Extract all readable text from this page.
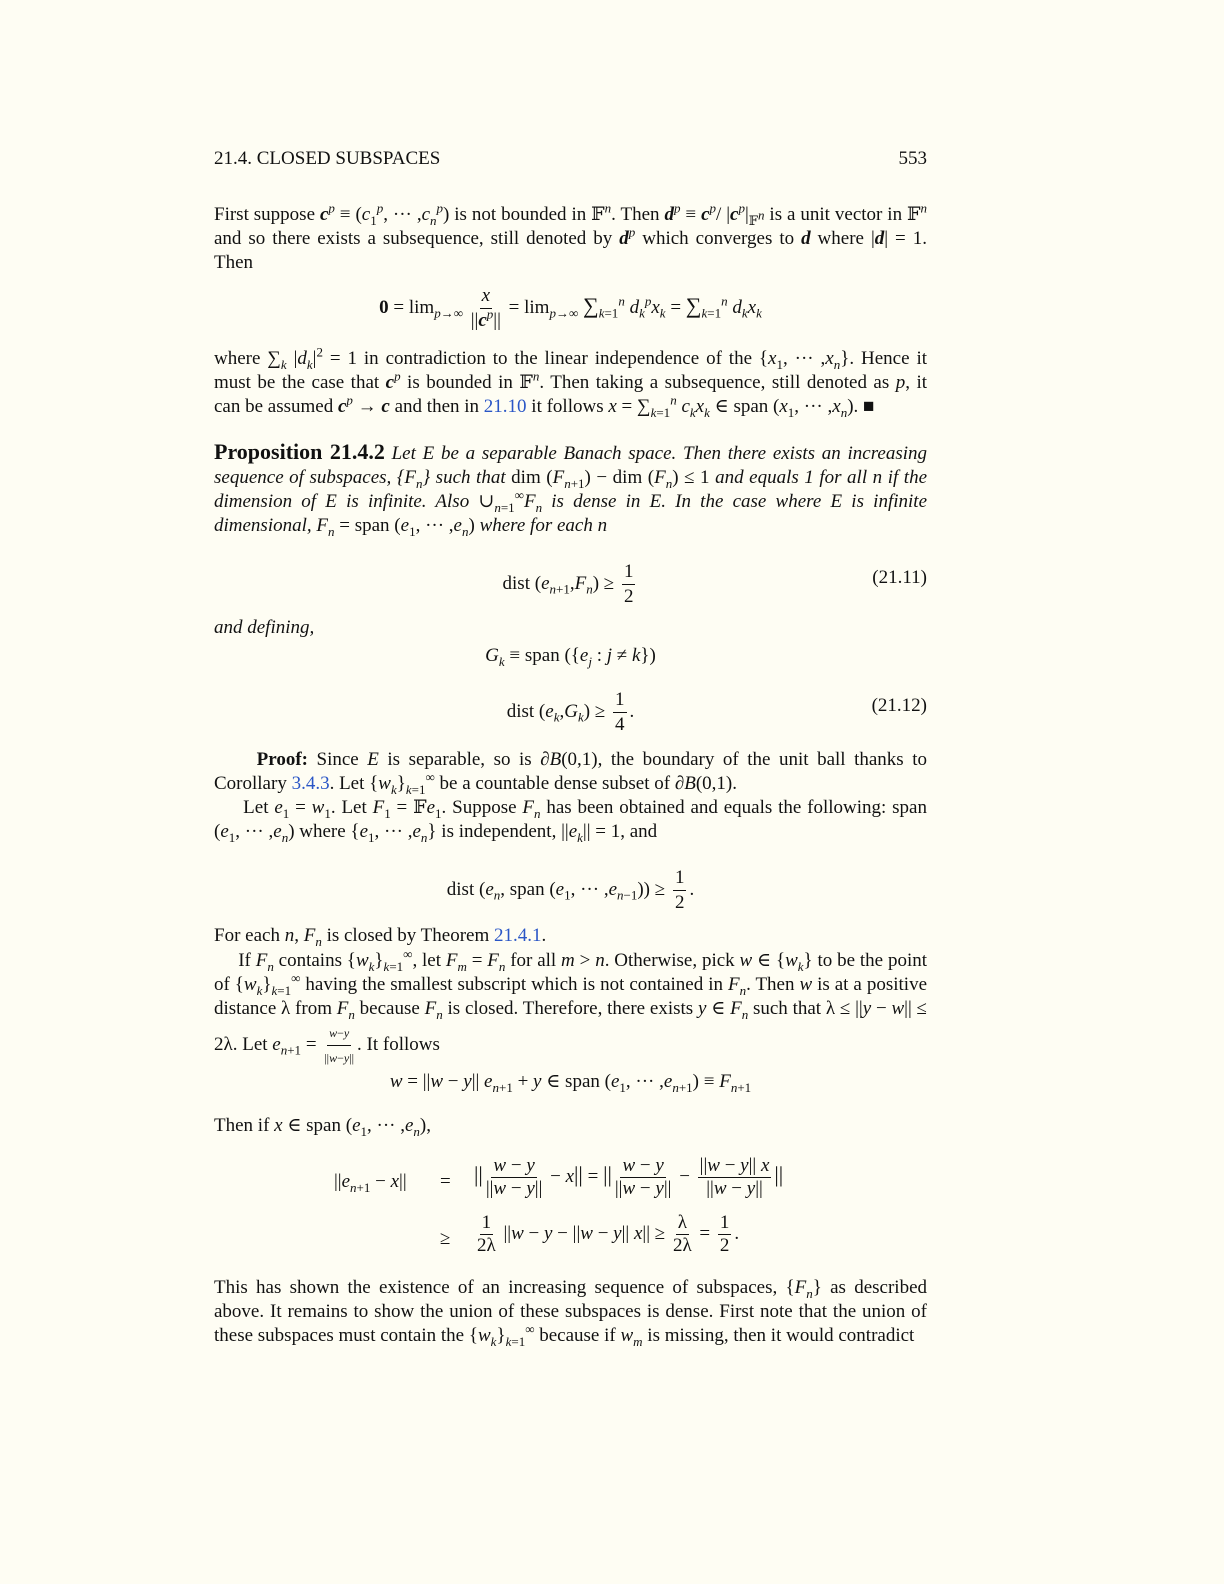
21.4. CLOSED SUBSPACES	553
First suppose $c^p \equiv (c_1^p$, ··· $,c_n^p$) is not bounded in 𝔽$^n$. Then $d^p \equiv c^p/$ $|c^p|_{𝔽^n}$ is a unit vector in 𝔽$^n$ and so there exists a subsequence, still denoted by $d^p$ which converges to d where |d| = 1. Then
$0 = \lim_{p\to\infty} \frac{x}{||c^p||} = \lim_{p\to\infty} \sum_{k=1}^n$ $d_k^px_k = \sum_{k=1}^n$ $d_kx_k$
where $\sum_k$ $|d_k|^2 = 1$ in contradiction to the linear independence of the {$x_1$, ··· $,x_n$}. Hence it must be the case that $c^p$ is bounded in 𝔽$^n$. Then taking a subsequence, still denoted as p, it can be assumed $c^p \to c$ and then in 21.10 it follows $x = \sum_{k=1}^n$ $c_kx_k$ ∈ span ($x_1$, ··· $,x_n$). ■
Proposition 21.4.2 Let E be a separable Banach space. Then there exists an increasing sequence of subspaces, $\{F_n\}$ such that dim $(F_{n+1})$ − dim $(F_n) \le 1$ and equals 1 for all n if the dimension of E is infinite. Also $\cup_{n=1}^\infty F_n$ is dense in E. In the case where E is infinite dimensional, $F_n$ = span ($e_1$, ··· $,e_n$) where for each n
dist $(e_{n+1},F_n) \ge \frac{1}{2}$	(21.11)
and defining,
$G_k$ ≡ span ({$e_j$ : j ≠ k})
dist $(e_k,G_k) \ge \frac{1}{4}$ .	(21.12)
Proof: Since E is separable, so is ∂B(0,1), the boundary of the unit ball thanks to Corollary 3.4.3. Let $\{w_k\}_{k=1}^\infty$ be a countable dense subset of ∂B(0,1).
Let $e_1 = w_1$. Let $F_1$ = 𝔽e$_1$. Suppose $F_n$ has been obtained and equals the following: span ($e_1$, ··· $,e_n$) where {$e_1$, ··· $,e_n$} is independent, $||e_k|| = 1$, and
dist ($e_n$, span ($e_1$, ··· $,e_{n-1})) \ge \frac{1}{2}$ .
For each n, $F_n$ is closed by Theorem 21.4.1.
If $F_n$ contains $\{w_k\}_{k=1}^\infty$, let $F_m = F_n$ for all m > n. Otherwise, pick w ∈ $\{w_k\}$ to be the point of $\{w_k\}_{k=1}^\infty$ having the smallest subscript which is not contained in $F_n$. Then w is at a positive distance λ from $F_n$ because $F_n$ is closed. Therefore, there exists y ∈ $F_n$ such that λ ≤ ||y − w|| ≤ 2λ. Let $e_{n+1} = \frac{w-y}{||w-y||}$ . It follows
w = ||w − y|| $e_{n+1} + y$ ∈ span ($e_1$, ··· $,e_{n+1}) \equiv F_{n+1}$
Then if x ∈ span ($e_1$, ··· $,e_n$),
$||e_{n+1} - x||$ = || $\frac{w - y}{||w - y||} - x||$ = || $\frac{w - y}{||w - y||} - \frac{||w - y|| x}{||w - y||}$ ||
≥ $\frac{1}{2\lambda} ||w - y - ||w - y||$ $x|| \ge \frac{\lambda}{2\lambda} = \frac{1}{2}$ .
This has shown the existence of an increasing sequence of subspaces, $\{F_n\}$ as described above. It remains to show the union of these subspaces is dense. First note that the union of these subspaces must contain the $\{w_k\}_{k=1}^\infty$ because if $w_m$ is missing, then it would contradict
